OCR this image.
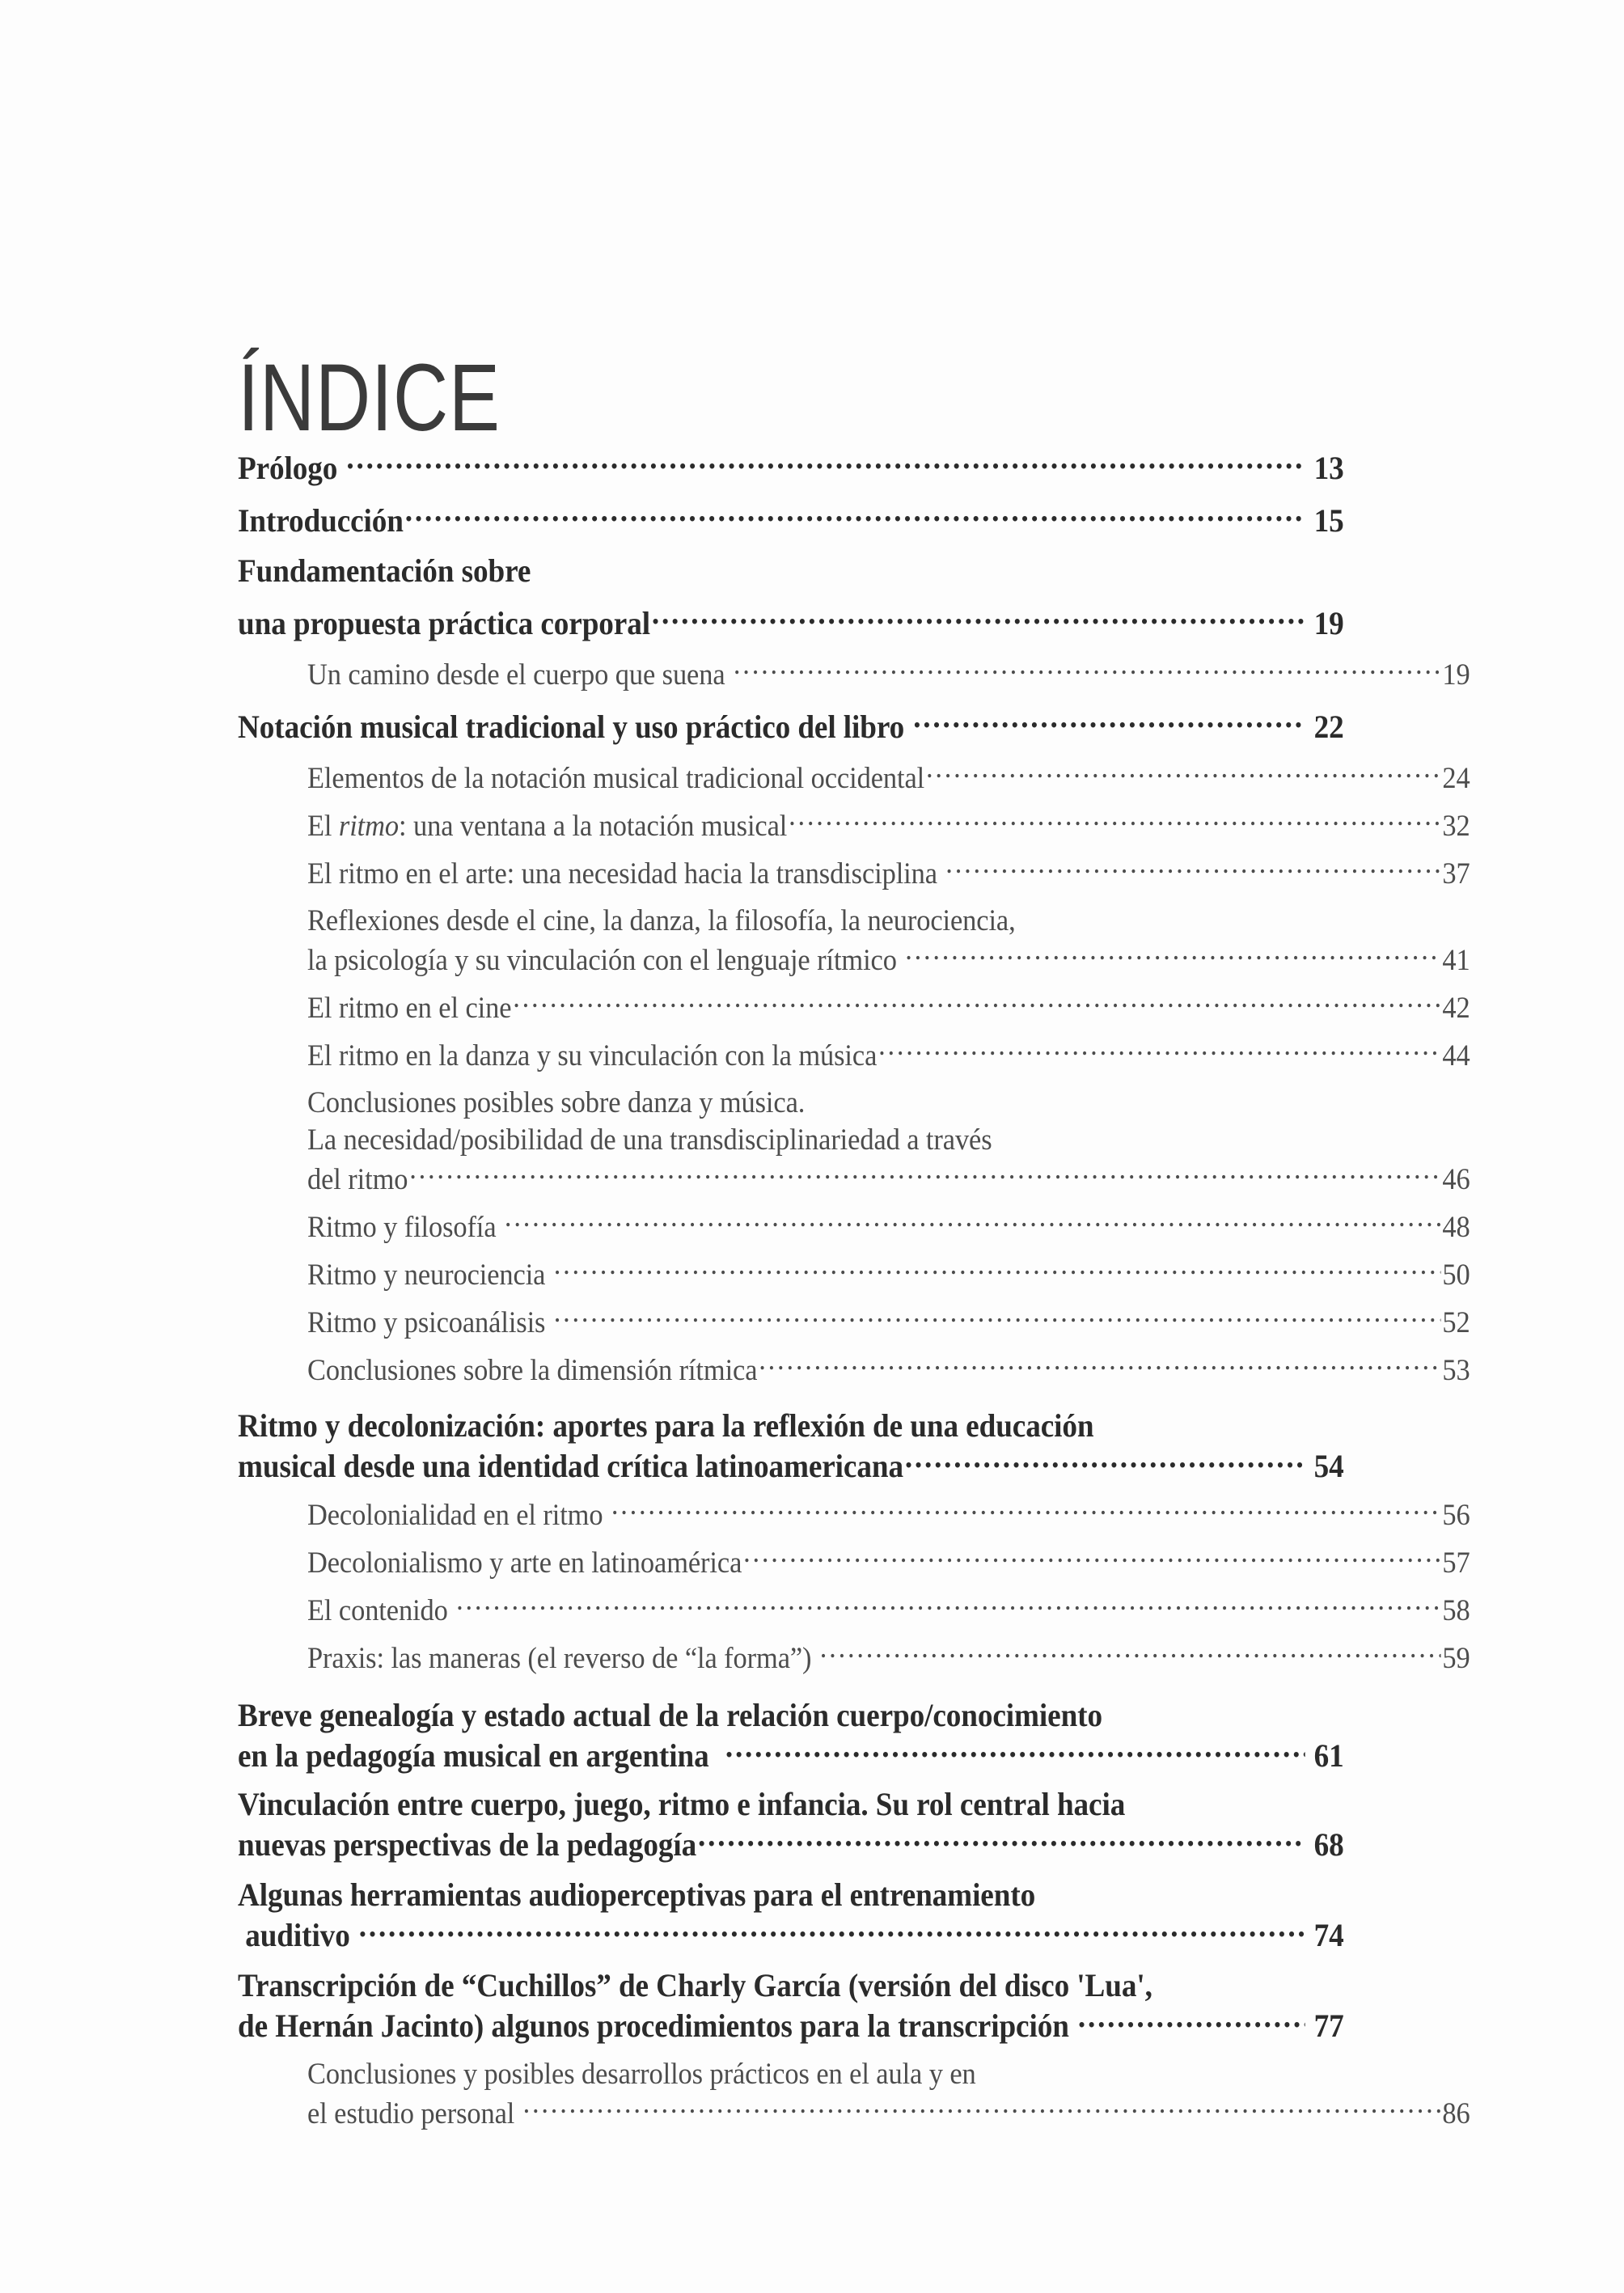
ÍNDICE
Prólogo .....	13
Introducción .....	15
Fundamentación sobre
una propuesta práctica corporal .....	19
Un camino desde el cuerpo que suena .....	19
Notación musical tradicional y uso práctico del libro .....	22
Elementos de la notación musical tradicional occidental .....	24
El ritmo: una ventana a la notación musical .....	32
El ritmo en el arte: una necesidad hacia la transdisciplina .....	37
Reflexiones desde el cine, la danza, la filosofía, la neurociencia,
la psicología y su vinculación con el lenguaje rítmico .....	41
El ritmo en el cine .....	42
El ritmo en la danza y su vinculación con la música .....	44
Conclusiones posibles sobre danza y música.
La necesidad/posibilidad de una transdisciplinariedad a través
del ritmo .....	46
Ritmo y filosofía .....	48
Ritmo y neurociencia .....	50
Ritmo y psicoanálisis .....	52
Conclusiones sobre la dimensión rítmica .....	53
Ritmo y decolonización: aportes para la reflexión de una educación
musical desde una identidad crítica latinoamericana .....	54
Decolonialidad en el ritmo .....	56
Decolonialismo y arte en latinoamérica .....	57
El contenido .....	58
Praxis: las maneras (el reverso de “la forma”) .....	59
Breve genealogía y estado actual de la relación cuerpo/conocimiento
en la pedagogía musical en argentina .....	61
Vinculación entre cuerpo, juego, ritmo e infancia. Su rol central hacia
nuevas perspectivas de la pedagogía .....	68
Algunas herramientas audioperceptivas para el entrenamiento
auditivo .....	74
Transcripción de “Cuchillos” de Charly García (versión del disco 'Lua',
de Hernán Jacinto) algunos procedimientos para la transcripción .....	77
Conclusiones y posibles desarrollos prácticos en el aula y en
el estudio personal .....	86
